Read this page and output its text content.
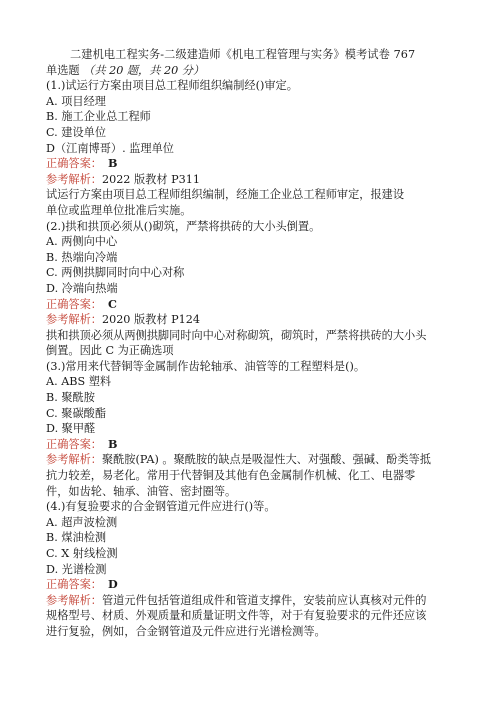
二建机电工程实务-二级建造师《机电工程管理与实务》模考试卷 767

单选题 （共 20 题，共 20 分）

(1.)试运行方案由项目总工程师组织编制经()审定。

A. 项目经理

B. 施工企业总工程师

C. 建设单位

D（江南博哥）. 监理单位

正确答案： B

参考解析：2022 版教材 P311

试运行方案由项目总工程师组织编制，经施工企业总工程师审定，报建设

单位或监理单位批准后实施。

(2.)拱和拱顶必须从()砌筑，严禁将拱砖的大小头倒置。

A. 两侧向中心

B. 热端向冷端

C. 两侧拱脚同时向中心对称

D. 冷端向热端

正确答案： C

参考解析：2020 版教材 P124

拱和拱顶必须从两侧拱脚同时向中心对称砌筑，砌筑时，严禁将拱砖的大小头

倒置。因此 C 为正确选项

(3.)常用来代替铜等金属制作齿轮轴承、油管等的工程塑料是()。

A. ABS 塑料

B. 聚酰胺

C. 聚碳酸酯

D. 聚甲醛

正确答案： B

参考解析：聚酰胺(PA) 。聚酰胺的缺点是吸湿性大、对强酸、强碱、酚类等抵

抗力较差，易老化。常用于代替铜及其他有色金属制作机械、化工、电器零

件，如齿轮、轴承、油管、密封圈等。

(4.)有复验要求的合金钢管道元件应进行()等。

A. 超声波检测

B. 煤油检测

C. X 射线检测

D. 光谱检测

正确答案： D

参考解析：管道元件包括管道组成件和管道支撑件，安装前应认真核对元件的

规格型号、材质、外观质量和质量证明文件等，对于有复验要求的元件还应该

进行复验，例如，合金钢管道及元件应进行光谱检测等。
